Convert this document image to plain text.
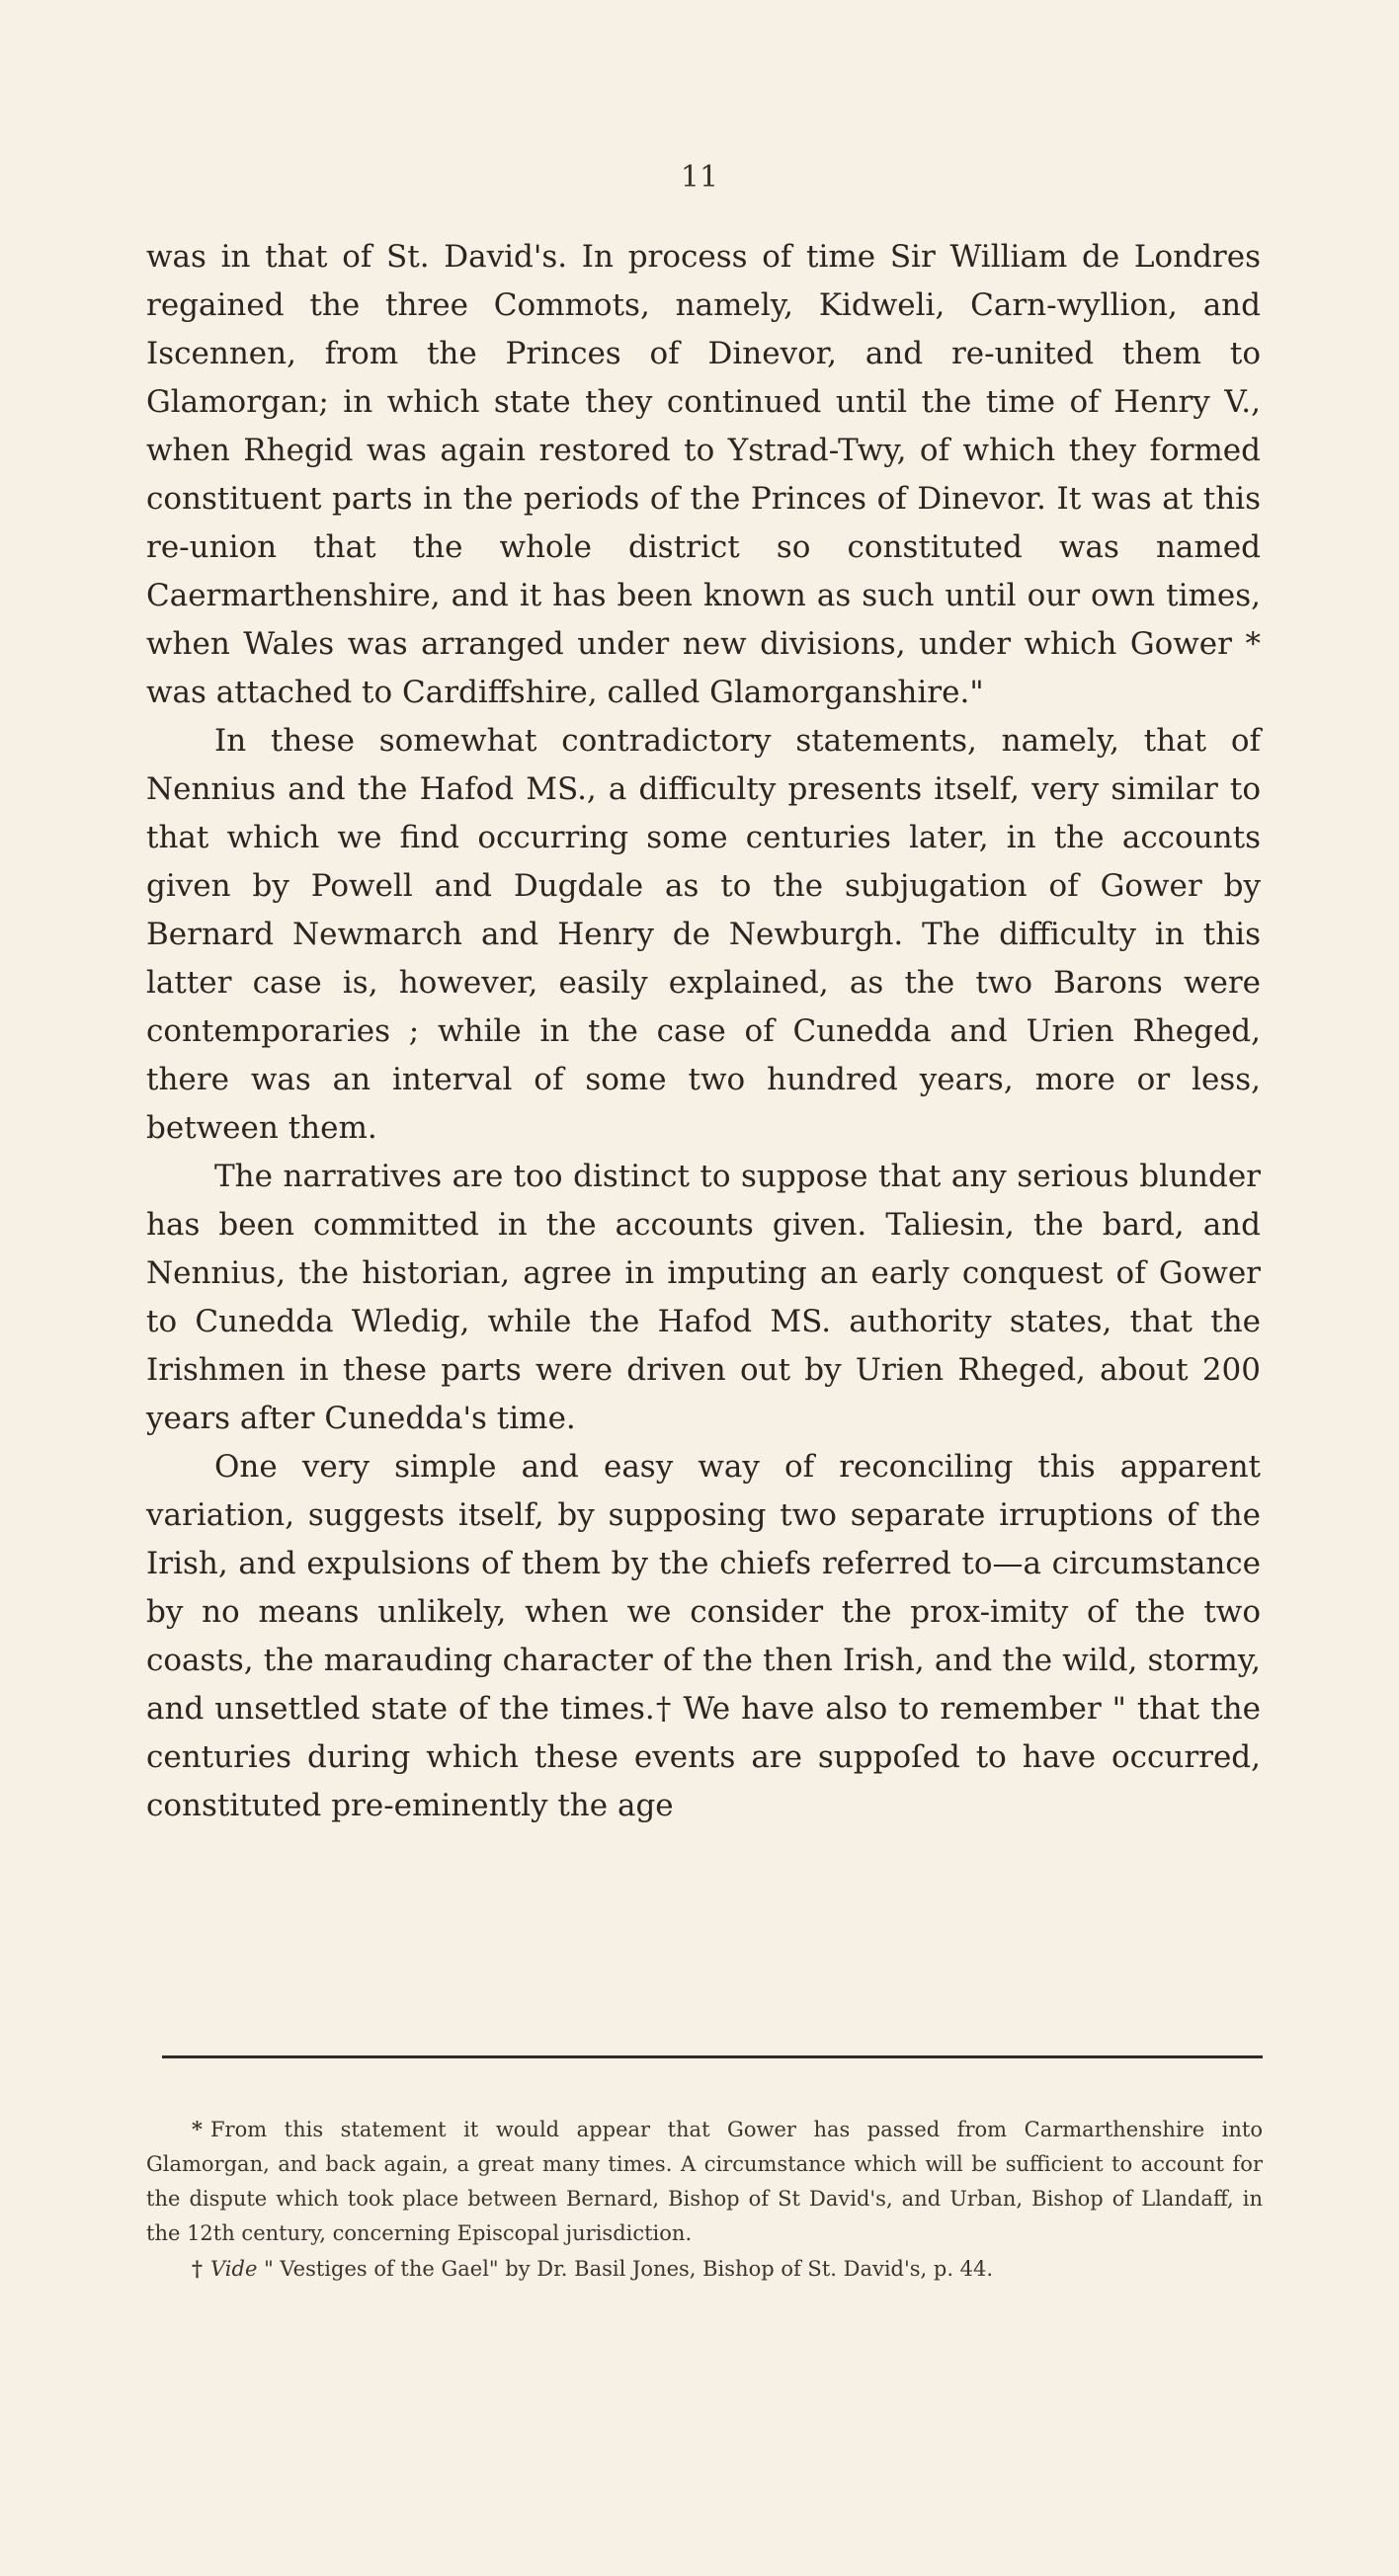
11

was in that of St. David's. In process of time Sir William de Londres regained the three Commots, namely, Kidweli, Carn-wyllion, and Iscennen, from the Princes of Dinevor, and re-united them to Glamorgan; in which state they continued until the time of Henry V., when Rhegid was again restored to Ystrad-Twy, of which they formed constituent parts in the periods of the Princes of Dinevor. It was at this re-union that the whole district so constituted was named Caermarthenshire, and it has been known as such until our own times, when Wales was arranged under new divisions, under which Gower * was attached to Cardiffshire, called Glamorganshire."

In these somewhat contradictory statements, namely, that of Nennius and the Hafod MS., a difficulty presents itself, very similar to that which we find occurring some centuries later, in the accounts given by Powell and Dugdale as to the subjugation of Gower by Bernard Newmarch and Henry de Newburgh. The difficulty in this latter case is, however, easily explained, as the two Barons were contemporaries ; while in the case of Cunedda and Urien Rheged, there was an interval of some two hundred years, more or less, between them.

The narratives are too distinct to suppose that any serious blunder has been committed in the accounts given. Taliesin, the bard, and Nennius, the historian, agree in imputing an early conquest of Gower to Cunedda Wledig, while the Hafod MS. authority states, that the Irishmen in these parts were driven out by Urien Rheged, about 200 years after Cunedda's time.

One very simple and easy way of reconciling this apparent variation, suggests itself, by supposing two separate irruptions of the Irish, and expulsions of them by the chiefs referred to—a circumstance by no means unlikely, when we consider the prox-imity of the two coasts, the marauding character of the then Irish, and the wild, stormy, and unsettled state of the times.† We have also to remember " that the centuries during which these events are suppoſed to have occurred, constituted pre-eminently the age

* From this statement it would appear that Gower has passed from Carmarthenshire into Glamorgan, and back again, a great many times. A circumstance which will be sufficient to account for the dispute which took place between Bernard, Bishop of St David's, and Urban, Bishop of Llandaff, in the 12th century, concerning Episcopal jurisdiction.

† Vide " Vestiges of the Gael" by Dr. Basil Jones, Bishop of St. David's, p. 44.
